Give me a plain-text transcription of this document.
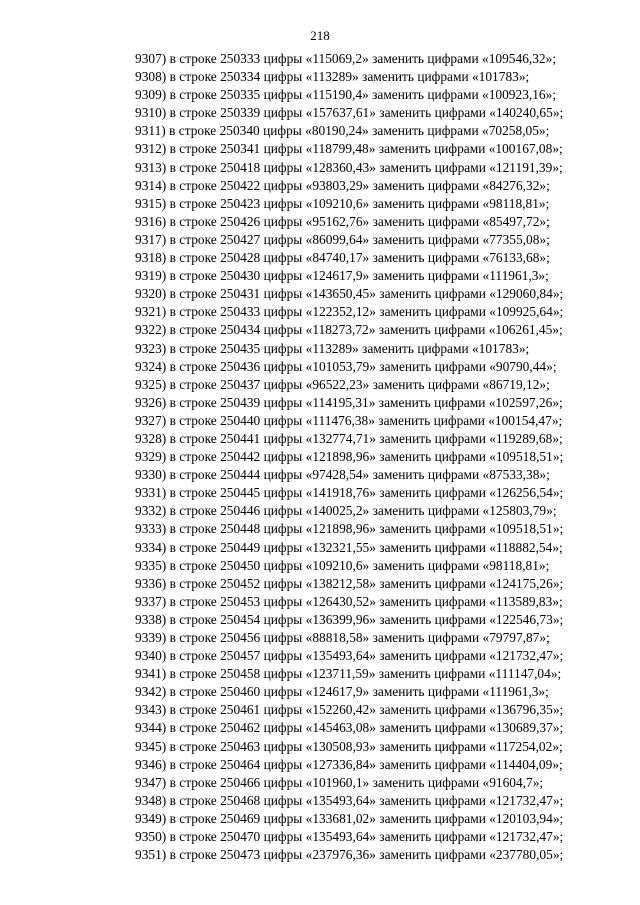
218
9307) в строке 250333 цифры «115069,2» заменить цифрами «109546,32»;
9308) в строке 250334 цифры «113289» заменить цифрами «101783»;
9309) в строке 250335 цифры «115190,4» заменить цифрами «100923,16»;
9310) в строке 250339 цифры «157637,61» заменить цифрами «140240,65»;
9311) в строке 250340 цифры «80190,24» заменить цифрами «70258,05»;
9312) в строке 250341 цифры «118799,48» заменить цифрами «100167,08»;
9313) в строке 250418 цифры «128360,43» заменить цифрами «121191,39»;
9314) в строке 250422 цифры «93803,29» заменить цифрами «84276,32»;
9315) в строке 250423 цифры «109210,6» заменить цифрами «98118,81»;
9316) в строке 250426 цифры «95162,76» заменить цифрами «85497,72»;
9317) в строке 250427 цифры «86099,64» заменить цифрами «77355,08»;
9318) в строке 250428 цифры «84740,17» заменить цифрами «76133,68»;
9319) в строке 250430 цифры «124617,9» заменить цифрами «111961,3»;
9320) в строке 250431 цифры «143650,45» заменить цифрами «129060,84»;
9321) в строке 250433 цифры «122352,12» заменить цифрами «109925,64»;
9322) в строке 250434 цифры «118273,72» заменить цифрами «106261,45»;
9323) в строке 250435 цифры «113289» заменить цифрами «101783»;
9324) в строке 250436 цифры «101053,79» заменить цифрами «90790,44»;
9325) в строке 250437 цифры «96522,23» заменить цифрами «86719,12»;
9326) в строке 250439 цифры «114195,31» заменить цифрами «102597,26»;
9327) в строке 250440 цифры «111476,38» заменить цифрами «100154,47»;
9328) в строке 250441 цифры «132774,71» заменить цифрами «119289,68»;
9329) в строке 250442 цифры «121898,96» заменить цифрами «109518,51»;
9330) в строке 250444 цифры «97428,54» заменить цифрами «87533,38»;
9331) в строке 250445 цифры «141918,76» заменить цифрами «126256,54»;
9332) в строке 250446 цифры «140025,2» заменить цифрами «125803,79»;
9333) в строке 250448 цифры «121898,96» заменить цифрами «109518,51»;
9334) в строке 250449 цифры «132321,55» заменить цифрами «118882,54»;
9335) в строке 250450 цифры «109210,6» заменить цифрами «98118,81»;
9336) в строке 250452 цифры «138212,58» заменить цифрами «124175,26»;
9337) в строке 250453 цифры «126430,52» заменить цифрами «113589,83»;
9338) в строке 250454 цифры «136399,96» заменить цифрами «122546,73»;
9339) в строке 250456 цифры «88818,58» заменить цифрами «79797,87»;
9340) в строке 250457 цифры «135493,64» заменить цифрами «121732,47»;
9341) в строке 250458 цифры «123711,59» заменить цифрами «111147,04»;
9342) в строке 250460 цифры «124617,9» заменить цифрами «111961,3»;
9343) в строке 250461 цифры «152260,42» заменить цифрами «136796,35»;
9344) в строке 250462 цифры «145463,08» заменить цифрами «130689,37»;
9345) в строке 250463 цифры «130508,93» заменить цифрами «117254,02»;
9346) в строке 250464 цифры «127336,84» заменить цифрами «114404,09»;
9347) в строке 250466 цифры «101960,1» заменить цифрами «91604,7»;
9348) в строке 250468 цифры «135493,64» заменить цифрами «121732,47»;
9349) в строке 250469 цифры «133681,02» заменить цифрами «120103,94»;
9350) в строке 250470 цифры «135493,64» заменить цифрами «121732,47»;
9351) в строке 250473 цифры «237976,36» заменить цифрами «237780,05»;
